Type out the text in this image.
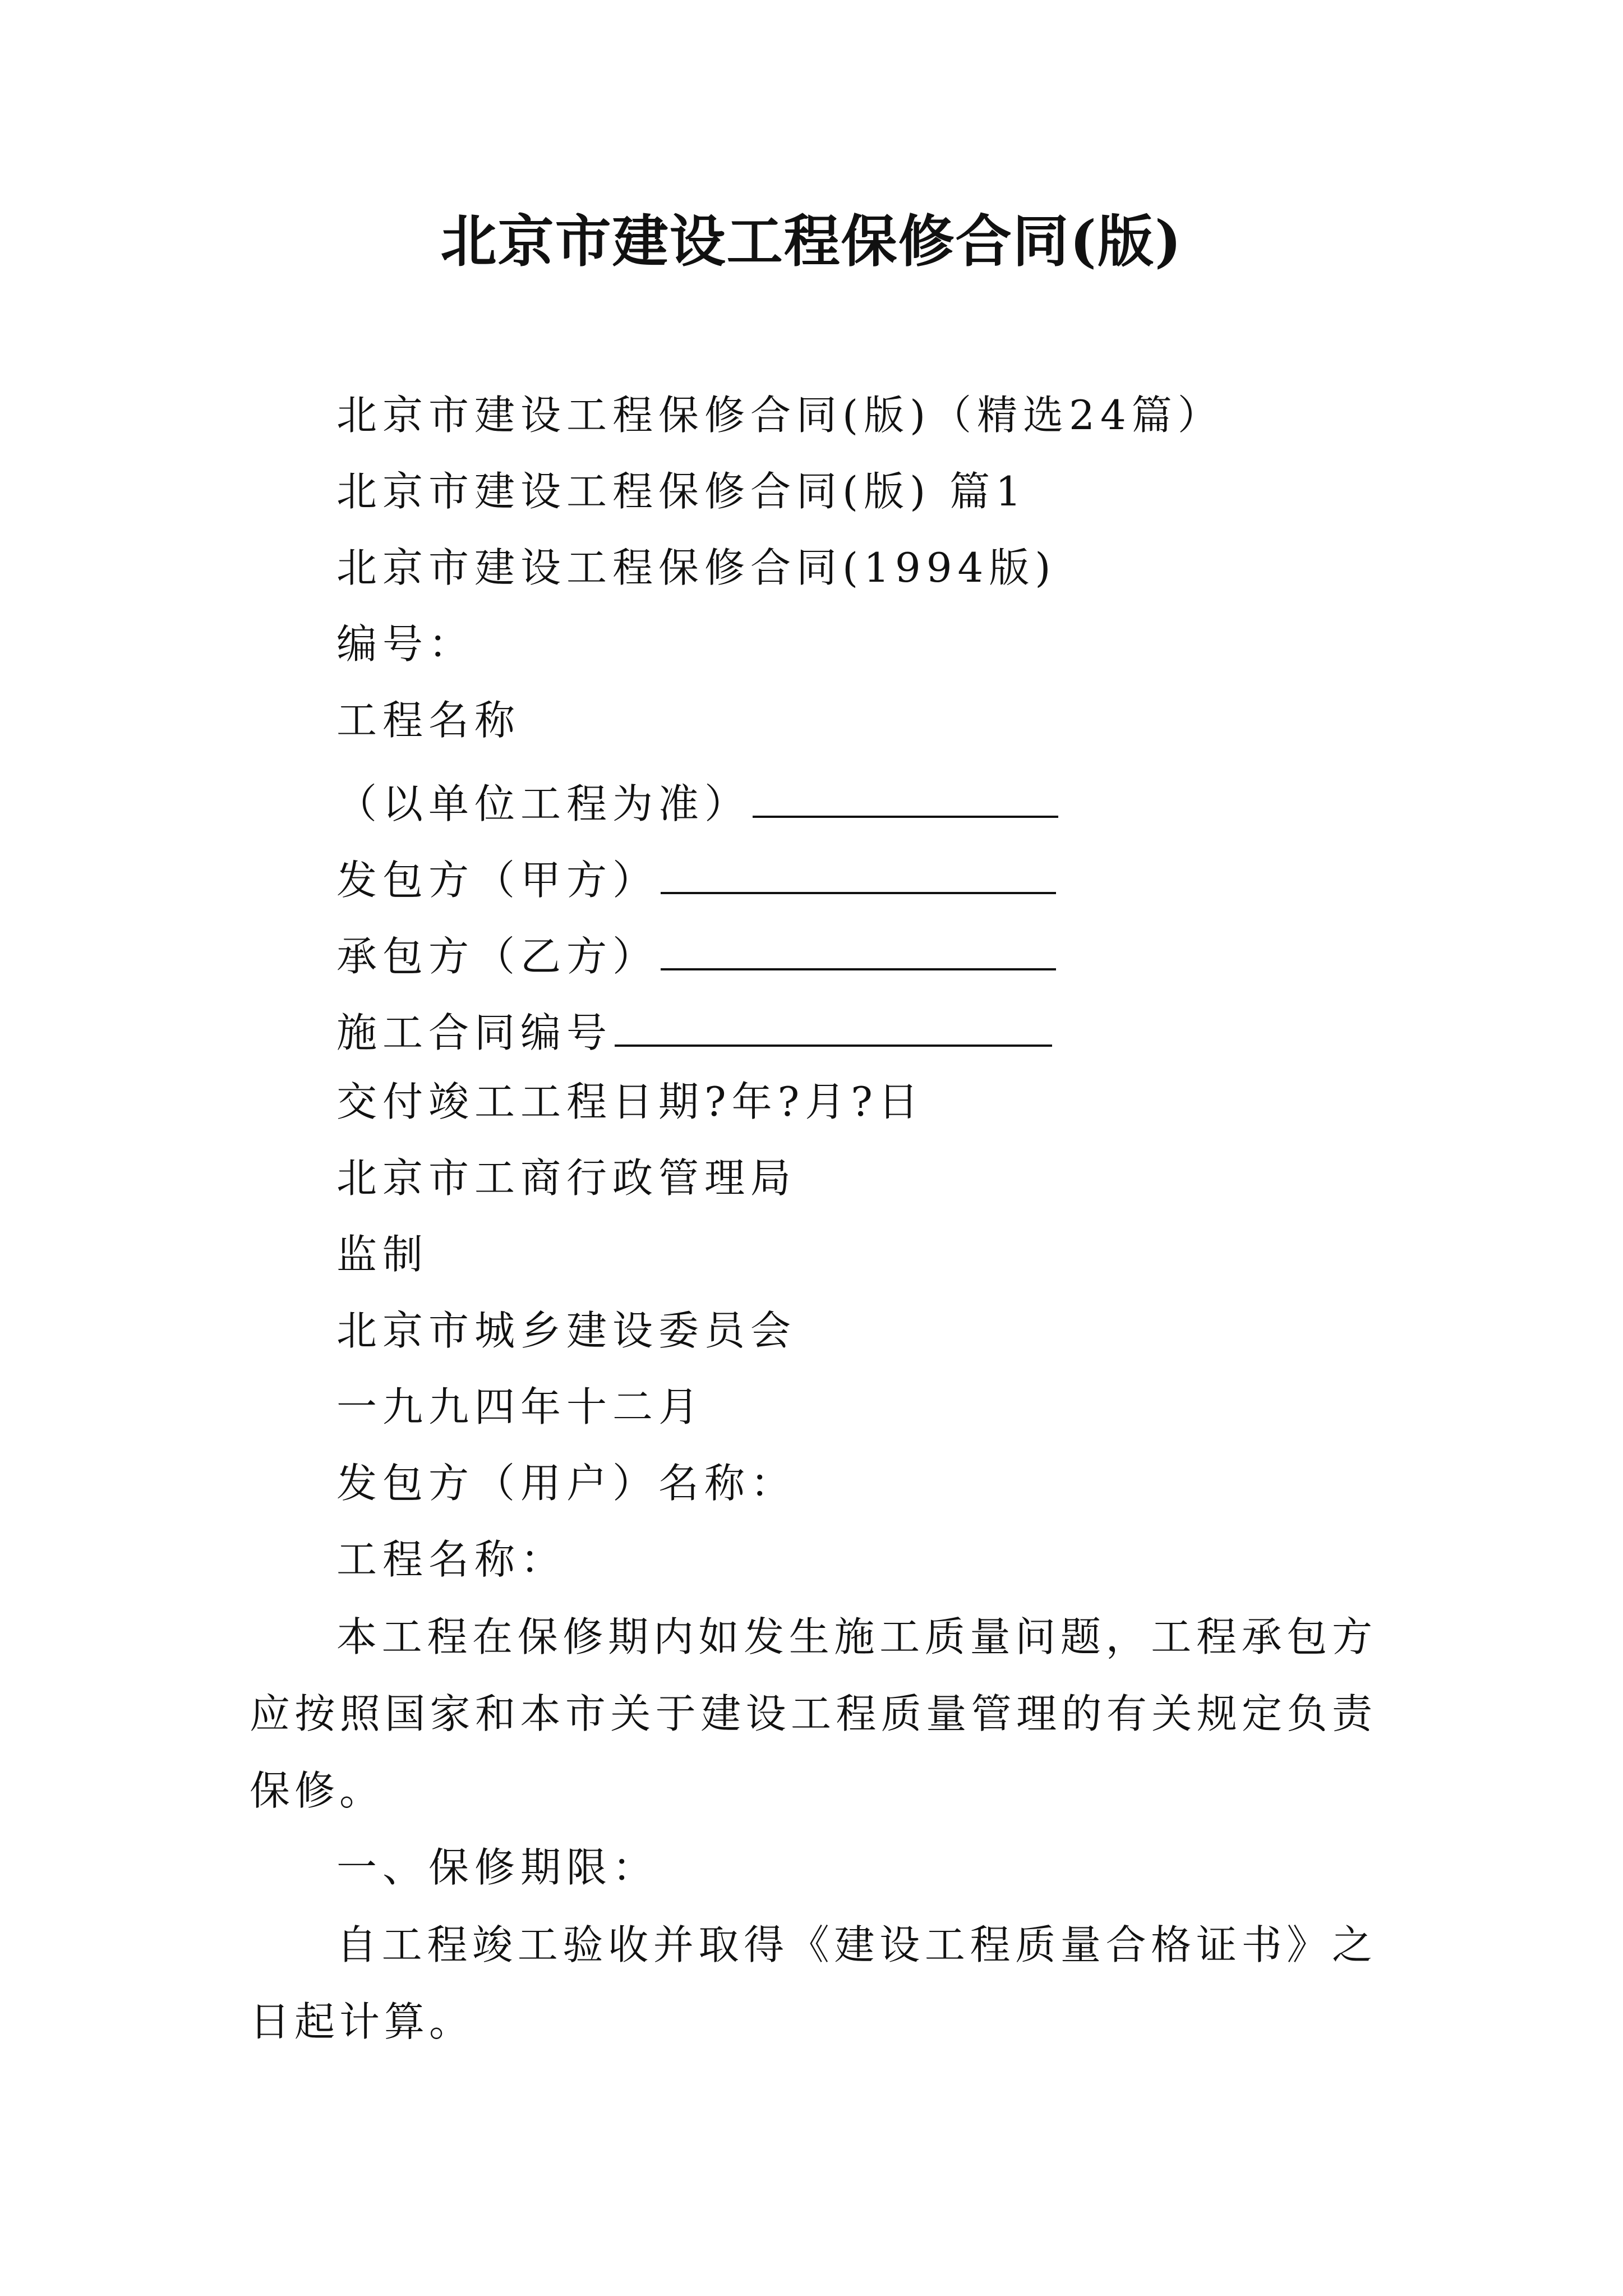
北京市建设工程保修合同(版)
北京市建设工程保修合同(版)（精选24篇）
北京市建设工程保修合同(版) 篇1
北京市建设工程保修合同(1994版)
编号：
工程名称
（以单位工程为准）
发包方（甲方）
承包方（乙方）
施工合同编号
交付竣工工程日期?年?月?日
北京市工商行政管理局
监制
北京市城乡建设委员会
一九九四年十二月
发包方（用户）名称：
工程名称：
本工程在保修期内如发生施工质量问题，工程承包方应按照国家和本市关于建设工程质量管理的有关规定负责保修。
一、保修期限：
自工程竣工验收并取得《建设工程质量合格证书》之日起计算。
